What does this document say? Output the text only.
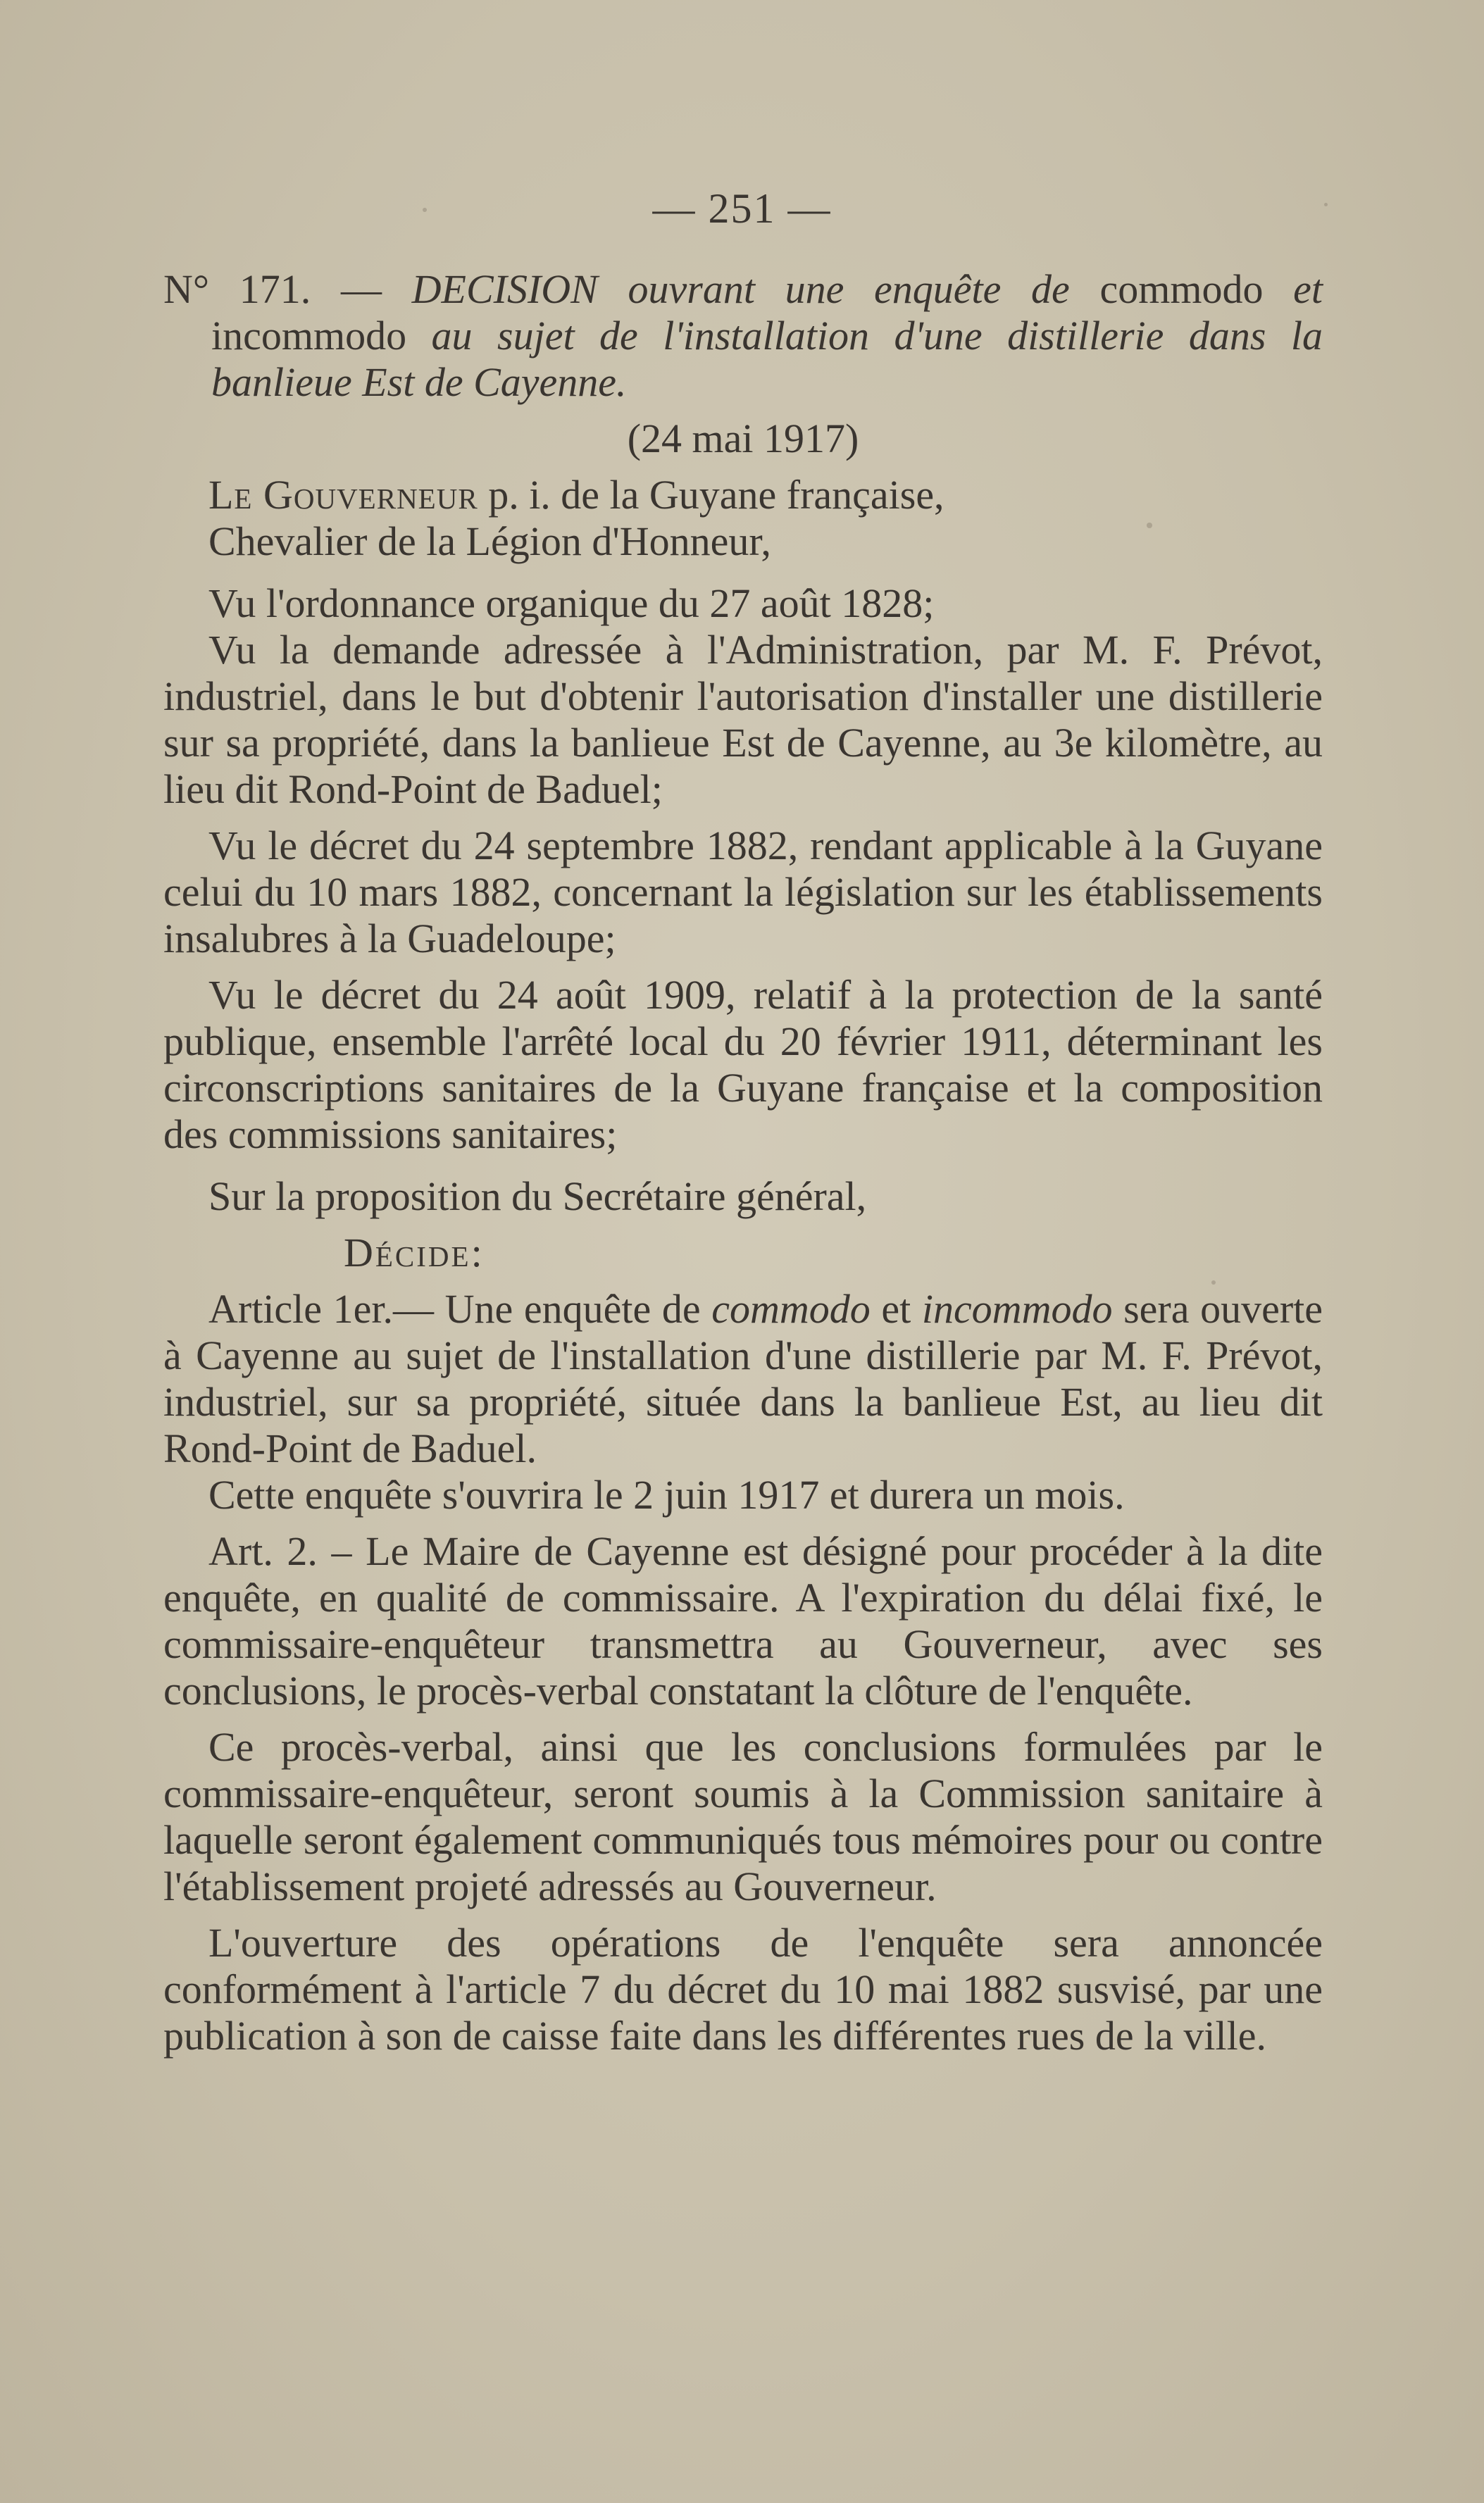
— 251 —

N° 171. — DECISION ouvrant une enquête de commodo et incommodo au sujet de l'installation d'une distillerie dans la banlieue Est de Cayenne.

(24 mai 1917)

Le Gouverneur p. i. de la Guyane française,

Chevalier de la Légion d'Honneur,

Vu l'ordonnance organique du 27 août 1828;

Vu la demande adressée à l'Administration, par M. F. Prévot, industriel, dans le but d'obtenir l'autorisation d'installer une distillerie sur sa propriété, dans la banlieue Est de Cayenne, au 3e kilomètre, au lieu dit Rond-Point de Baduel;

Vu le décret du 24 septembre 1882, rendant applicable à la Guyane celui du 10 mars 1882, concernant la législation sur les établissements insalubres à la Guadeloupe;

Vu le décret du 24 août 1909, relatif à la protection de la santé publique, ensemble l'arrêté local du 20 février 1911, déterminant les circonscriptions sanitaires de la Guyane française et la composition des commissions sanitaires;

Sur la proposition du Secrétaire général,

Décide:

Article 1er.— Une enquête de commodo et incommodo sera ouverte à Cayenne au sujet de l'installation d'une distillerie par M. F. Prévot, industriel, sur sa propriété, située dans la banlieue Est, au lieu dit Rond-Point de Baduel.

Cette enquête s'ouvrira le 2 juin 1917 et durera un mois.

Art. 2. – Le Maire de Cayenne est désigné pour procéder à la dite enquête, en qualité de commissaire. A l'expiration du délai fixé, le commissaire-enquêteur transmettra au Gouverneur, avec ses conclusions, le procès-verbal constatant la clôture de l'enquête.

Ce procès-verbal, ainsi que les conclusions formulées par le commissaire-enquêteur, seront soumis à la Commission sanitaire à laquelle seront également communiqués tous mémoires pour ou contre l'établissement projeté adressés au Gouverneur.

L'ouverture des opérations de l'enquête sera annoncée conformément à l'article 7 du décret du 10 mai 1882 susvisé, par une publication à son de caisse faite dans les différentes rues de la ville.
